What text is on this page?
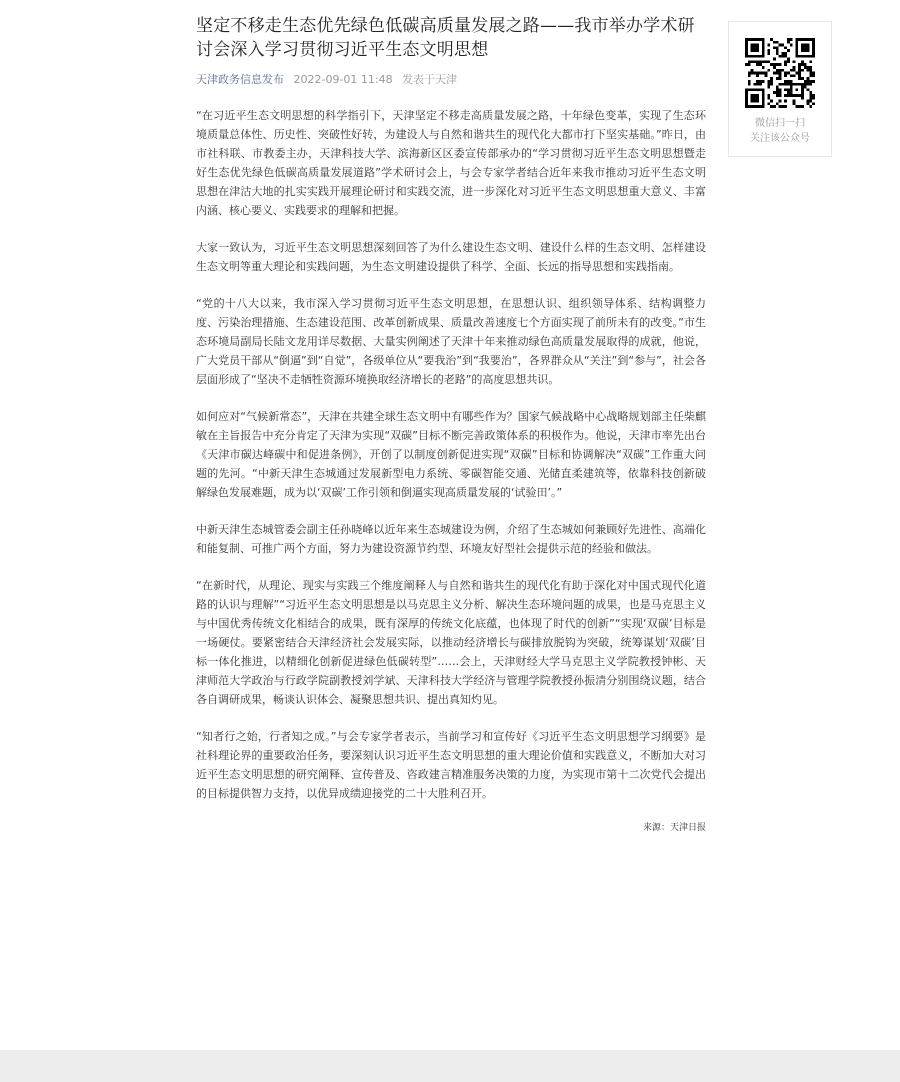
坚定不移走生态优先绿色低碳高质量发展之路——我市举办学术研讨会深入学习贯彻习近平生态文明思想
天津政务信息发布 2022-09-01 11:48 发表于天津

“在习近平生态文明思想的科学指引下，天津坚定不移走高质量发展之路，十年绿色变革，实现了生态环境质量总体性、历史性、突破性好转，为建设人与自然和谐共生的现代化大都市打下坚实基础。”昨日，由市社科联、市教委主办，天津科技大学、滨海新区区委宣传部承办的“学习贯彻习近平生态文明思想暨走好生态优先绿色低碳高质量发展道路”学术研讨会上，与会专家学者结合近年来我市推动习近平生态文明思想在津沽大地的扎实实践开展理论研讨和实践交流，进一步深化对习近平生态文明思想重大意义、丰富内涵、核心要义、实践要求的理解和把握。

大家一致认为，习近平生态文明思想深刻回答了为什么建设生态文明、建设什么样的生态文明、怎样建设生态文明等重大理论和实践问题，为生态文明建设提供了科学、全面、长远的指导思想和实践指南。

“党的十八大以来，我市深入学习贯彻习近平生态文明思想，在思想认识、组织领导体系、结构调整力度、污染治理措施、生态建设范围、改革创新成果、质量改善速度七个方面实现了前所未有的改变。”市生态环境局副局长陆文龙用详尽数据、大量实例阐述了天津十年来推动绿色高质量发展取得的成就，他说，广大党员干部从“倒逼”到“自觉”，各级单位从“要我治”到“我要治”，各界群众从“关注”到“参与”，社会各层面形成了“坚决不走牺牲资源环境换取经济增长的老路”的高度思想共识。

如何应对“气候新常态”，天津在共建全球生态文明中有哪些作为？国家气候战略中心战略规划部主任柴麒敏在主旨报告中充分肯定了天津为实现“双碳”目标不断完善政策体系的积极作为。他说，天津市率先出台《天津市碳达峰碳中和促进条例》，开创了以制度创新促进实现“双碳”目标和协调解决“双碳”工作重大问题的先河。“中新天津生态城通过发展新型电力系统、零碳智能交通、光储直柔建筑等，依靠科技创新破解绿色发展难题，成为以‘双碳’工作引领和倒逼实现高质量发展的‘试验田’。”

中新天津生态城管委会副主任孙晓峰以近年来生态城建设为例，介绍了生态城如何兼顾好先进性、高端化和能复制、可推广两个方面，努力为建设资源节约型、环境友好型社会提供示范的经验和做法。

“在新时代，从理论、现实与实践三个维度阐释人与自然和谐共生的现代化有助于深化对中国式现代化道路的认识与理解”“习近平生态文明思想是以马克思主义分析、解决生态环境问题的成果，也是马克思主义与中国优秀传统文化相结合的成果，既有深厚的传统文化底蕴，也体现了时代的创新”“实现‘双碳’目标是一场硬仗。要紧密结合天津经济社会发展实际，以推动经济增长与碳排放脱钩为突破，统筹谋划‘双碳’目标一体化推进，以精细化创新促进绿色低碳转型”……会上，天津财经大学马克思主义学院教授钟彬、天津师范大学政治与行政学院副教授刘学斌、天津科技大学经济与管理学院教授孙振清分别围绕议题，结合各自调研成果，畅谈认识体会、凝聚思想共识、提出真知灼见。

“知者行之始，行者知之成。”与会专家学者表示，当前学习和宣传好《习近平生态文明思想学习纲要》是社科理论界的重要政治任务，要深刻认识习近平生态文明思想的重大理论价值和实践意义，不断加大对习近平生态文明思想的研究阐释、宣传普及、咨政建言精准服务决策的力度，为实现市第十二次党代会提出的目标提供智力支持，以优异成绩迎接党的二十大胜利召开。

来源：天津日报
微信扫一扫
关注该公众号
